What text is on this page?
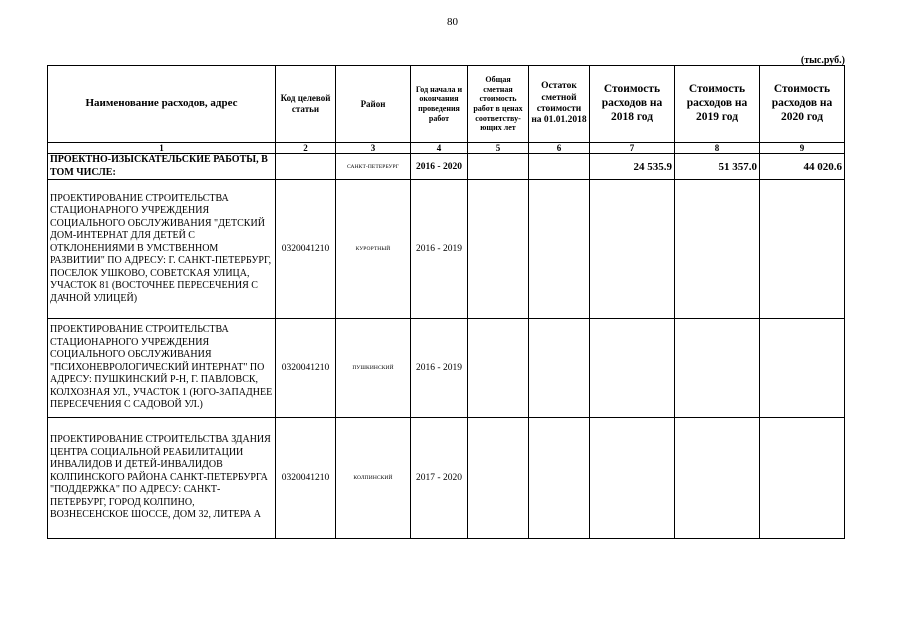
80
(тыс.руб.)
Наименование расходов, адрес	Код целевой статьи	Район	Год начала и окончания проведения работ	Общая сметная стоимость работ в ценах соответству-ющих лет	Остаток сметной стоимости на 01.01.2018	Стоимость расходов на 2018 год	Стоимость расходов на 2019 год	Стоимость расходов на 2020 год
1	2	3	4	5	6	7	8	9
ПРОЕКТНО-ИЗЫСКАТЕЛЬСКИЕ РАБОТЫ, В ТОМ ЧИСЛЕ:		САНКТ-ПЕТЕРБУРГ	2016 - 2020			24 535.9	51 357.0	44 020.6
ПРОЕКТИРОВАНИЕ СТРОИТЕЛЬСТВА СТАЦИОНАРНОГО УЧРЕЖДЕНИЯ СОЦИАЛЬНОГО ОБСЛУЖИВАНИЯ "ДЕТСКИЙ ДОМ-ИНТЕРНАТ ДЛЯ ДЕТЕЙ С ОТКЛОНЕНИЯМИ В УМСТВЕННОМ РАЗВИТИИ" ПО АДРЕСУ: Г. САНКТ-ПЕТЕРБУРГ, ПОСЕЛОК УШКОВО, СОВЕТСКАЯ УЛИЦА, УЧАСТОК 81 (ВОСТОЧНЕЕ ПЕРЕСЕЧЕНИЯ С ДАЧНОЙ УЛИЦЕЙ)	0320041210	КУРОРТНЫЙ	2016 - 2019					
ПРОЕКТИРОВАНИЕ СТРОИТЕЛЬСТВА СТАЦИОНАРНОГО УЧРЕЖДЕНИЯ СОЦИАЛЬНОГО ОБСЛУЖИВАНИЯ "ПСИХОНЕВРОЛОГИЧЕСКИЙ ИНТЕРНАТ" ПО АДРЕСУ: ПУШКИНСКИЙ Р-Н, Г. ПАВЛОВСК, КОЛХОЗНАЯ УЛ., УЧАСТОК 1 (ЮГО-ЗАПАДНЕЕ ПЕРЕСЕЧЕНИЯ С САДОВОЙ УЛ.)	0320041210	ПУШКИНСКИЙ	2016 - 2019					
ПРОЕКТИРОВАНИЕ СТРОИТЕЛЬСТВА ЗДАНИЯ ЦЕНТРА СОЦИАЛЬНОЙ РЕАБИЛИТАЦИИ ИНВАЛИДОВ И ДЕТЕЙ-ИНВАЛИДОВ КОЛПИНСКОГО РАЙОНА САНКТ-ПЕТЕРБУРГА "ПОДДЕРЖКА" ПО АДРЕСУ: САНКТ-ПЕТЕРБУРГ, ГОРОД КОЛПИНО, ВОЗНЕСЕНСКОЕ ШОССЕ, ДОМ 32, ЛИТЕРА А	0320041210	КОЛПИНСКИЙ	2017 - 2020					
